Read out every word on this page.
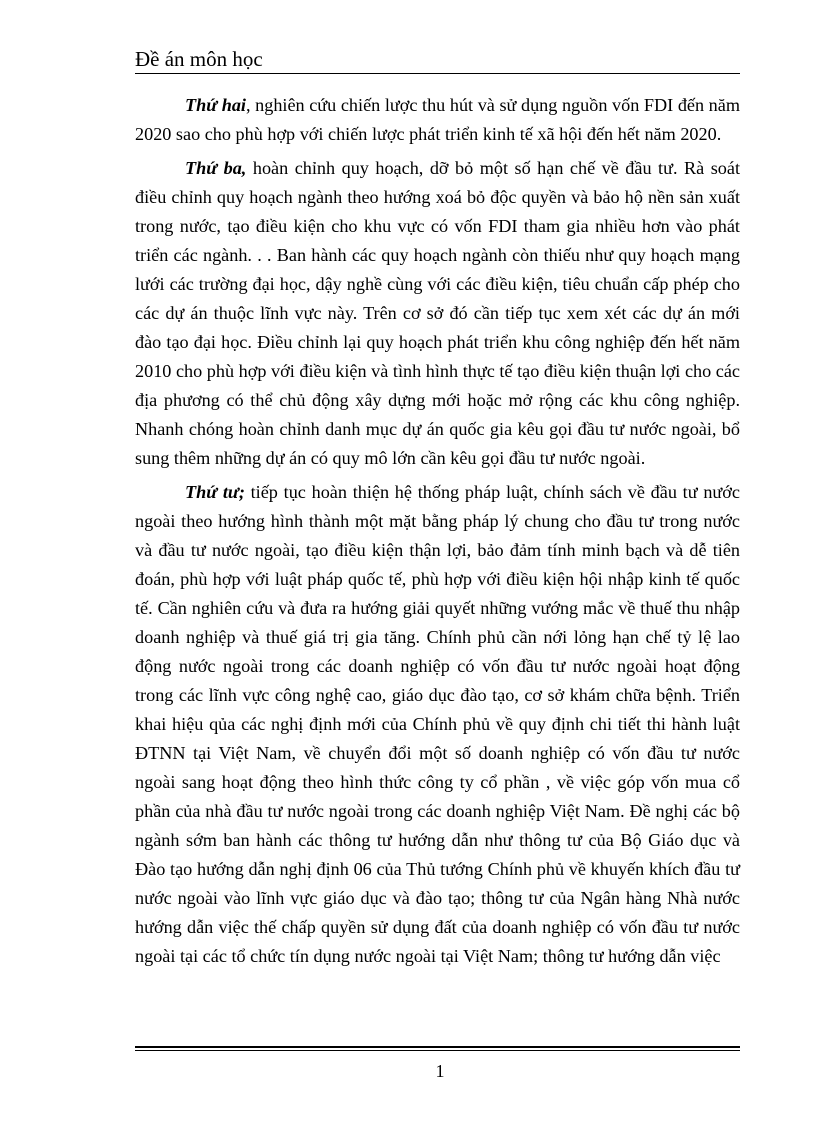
Đề án môn học

Thứ hai, nghiên cứu chiến lược thu hút và sử dụng nguồn vốn FDI đến năm 2020 sao cho phù hợp với chiến lược phát triển kinh tế xã hội đến hết năm 2020.

Thứ ba, hoàn chỉnh quy hoạch, dỡ bỏ một số hạn chế về đầu tư. Rà soát điều chỉnh quy hoạch ngành theo hướng xoá bỏ độc quyền và bảo hộ nền sản xuất trong nước, tạo điều kiện cho khu vực có vốn FDI tham gia nhiều hơn vào phát triển các ngành. . . Ban hành các quy hoạch ngành còn thiếu như quy hoạch mạng lưới các trường đại học, dậy nghề cùng với các điều kiện, tiêu chuẩn cấp phép cho các dự án thuộc lĩnh vực này. Trên cơ sở đó cần tiếp tục xem xét các dự án mới đào tạo đại học. Điều chỉnh lại quy hoạch phát triển khu công nghiệp đến hết năm 2010 cho phù hợp với điều kiện và tình hình thực tế tạo điều kiện thuận lợi cho các địa phương có thể chủ động xây dựng mới hoặc mở rộng các khu công nghiệp. Nhanh chóng hoàn chỉnh danh mục dự án quốc gia kêu gọi đầu tư nước ngoài, bổ sung thêm những dự án có quy mô lớn cần kêu gọi đầu tư nước ngoài.

Thứ tư; tiếp tục hoàn thiện hệ thống pháp luật, chính sách về đầu tư nước ngoài theo hướng hình thành một mặt bằng pháp lý chung cho đầu tư trong nước và đầu tư nước ngoài, tạo điều kiện thận lợi, bảo đảm tính minh bạch và dễ tiên đoán, phù hợp với luật pháp quốc tế, phù hợp với điều kiện hội nhập kinh tế quốc tế. Cần nghiên cứu và đưa ra hướng giải quyết những vướng mắc về thuế thu nhập doanh nghiệp và thuế giá trị gia tăng. Chính phủ cần nới lỏng hạn chế tỷ lệ lao động nước ngoài trong các doanh nghiệp có vốn đầu tư nước ngoài hoạt động trong các lĩnh vực công nghệ cao, giáo dục đào tạo, cơ sở khám chữa bệnh. Triển khai hiệu qủa các nghị định mới của Chính phủ về quy định chi tiết thi hành luật ĐTNN tại Việt Nam, về chuyển đổi một số doanh nghiệp có vốn đầu tư nước ngoài sang hoạt động theo hình thức công ty cổ phần , về việc góp vốn mua cổ phần của nhà đầu tư nước ngoài trong các doanh nghiệp Việt Nam. Đề nghị các bộ ngành sớm ban hành các thông tư hướng dẫn như thông tư của Bộ Giáo dục và Đào tạo hướng dẫn nghị định 06 của Thủ tướng Chính phủ về khuyến khích đầu tư nước ngoài vào lĩnh vực giáo dục và đào tạo; thông tư của Ngân hàng Nhà nước hướng dẫn việc thế chấp quyền sử dụng đất của doanh nghiệp có vốn đầu tư nước ngoài tại các tổ chức tín dụng nước ngoài tại Việt Nam; thông tư hướng dẫn việc

1
